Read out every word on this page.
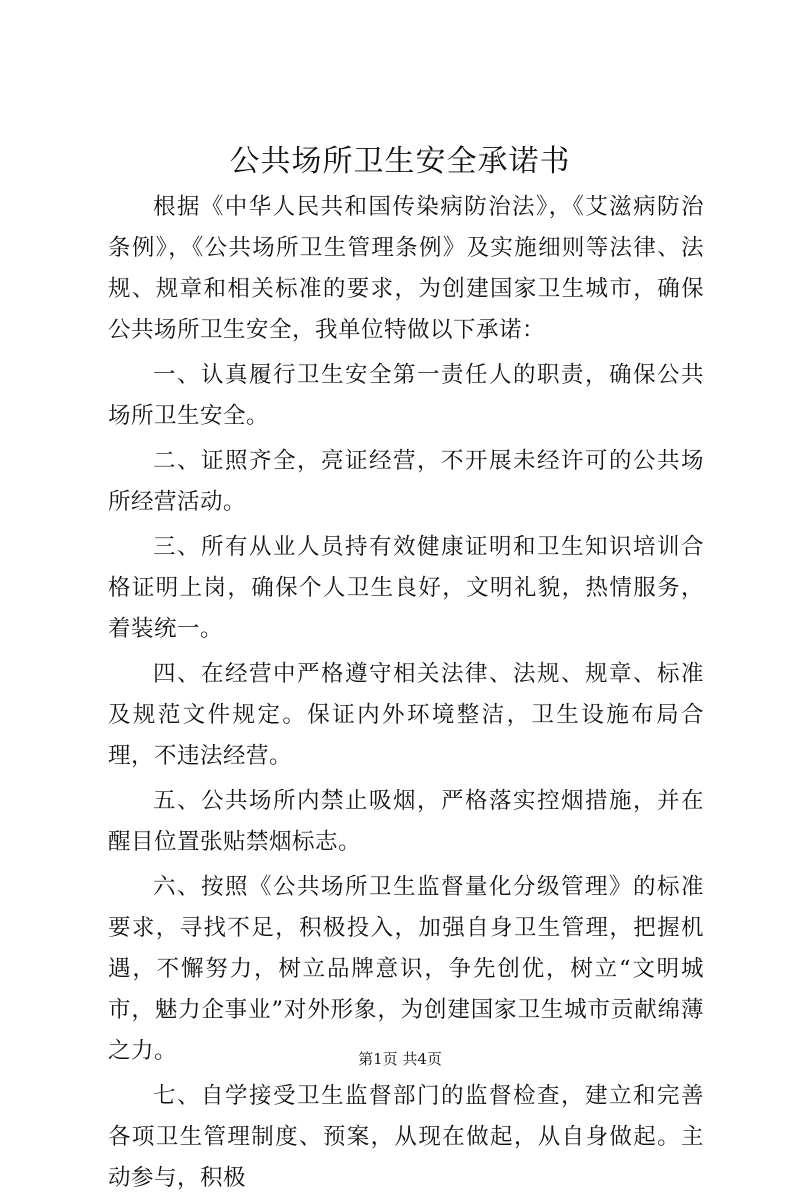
公共场所卫生安全承诺书

根据《中华人民共和国传染病防治法》，《艾滋病防治条例》，《公共场所卫生管理条例》及实施细则等法律、法规、规章和相关标准的要求，为创建国家卫生城市，确保公共场所卫生安全，我单位特做以下承诺：

一、认真履行卫生安全第一责任人的职责，确保公共场所卫生安全。

二、证照齐全，亮证经营，不开展未经许可的公共场所经营活动。

三、所有从业人员持有效健康证明和卫生知识培训合格证明上岗，确保个人卫生良好，文明礼貌，热情服务，着装统一。

四、在经营中严格遵守相关法律、法规、规章、标准及规范文件规定。保证内外环境整洁，卫生设施布局合理，不违法经营。

五、公共场所内禁止吸烟，严格落实控烟措施，并在醒目位置张贴禁烟标志。

六、按照《公共场所卫生监督量化分级管理》的标准要求，寻找不足，积极投入，加强自身卫生管理，把握机遇，不懈努力，树立品牌意识，争先创优，树立“文明城市，魅力企事业”对外形象，为创建国家卫生城市贡献绵薄之力。

七、自学接受卫生监督部门的监督检查，建立和完善各项卫生管理制度、预案，从现在做起，从自身做起。主动参与，积极

第1页 共4页
